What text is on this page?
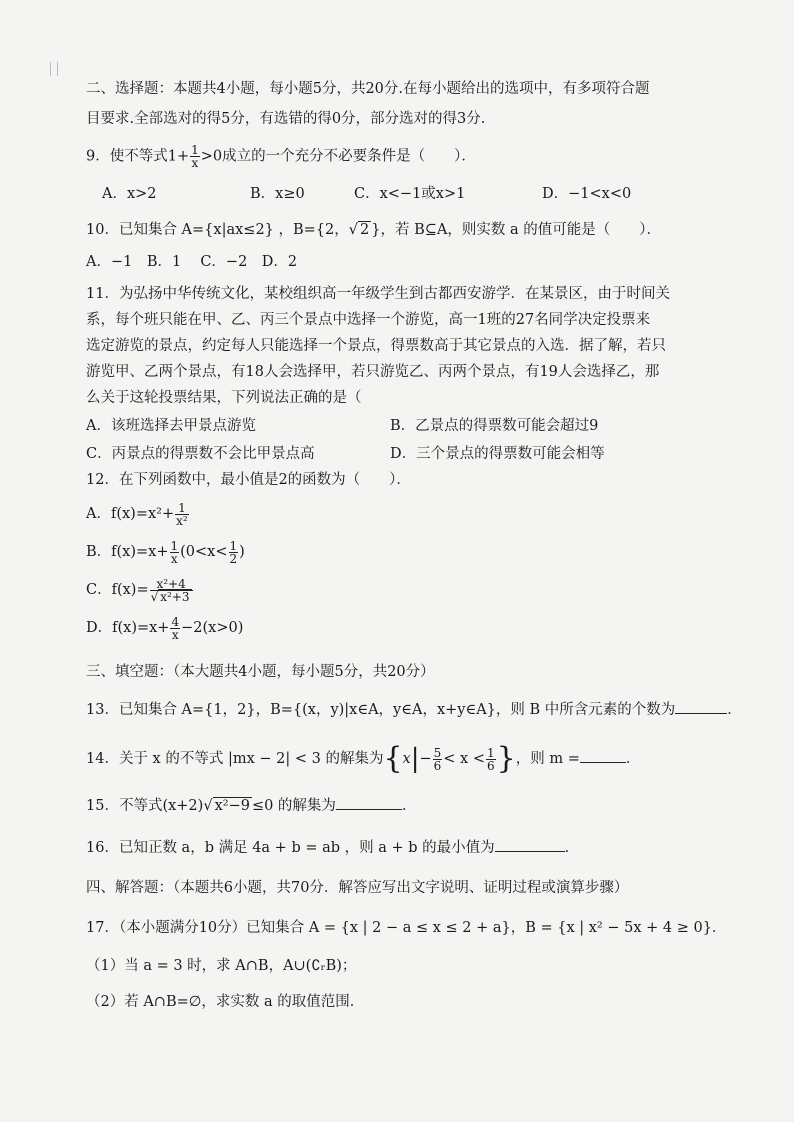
二、选择题：本题共4小题，每小题5分，共20分.在每小题给出的选项中，有多项符合题

目要求.全部选对的得5分，有选错的得0分，部分选对的得3分.

9．使不等式$1+ \frac{1}{x} >0$成立的一个充分不必要条件是（　　）．

A．x>2	B．x≥0	C．x<−1或x>1	D．−1<x<0

10．已知集合 A={x|ax≤2} ，B={2，√ 2 }，若 B⊆A，则实数 a 的值可能是（　　）．

A．−1　B．1　 C．−2　D．2

11．为弘扬中华传统文化，某校组织高一年级学生到古都西安游学．在某景区，由于时间关

系，每个班只能在甲、乙、丙三个景点中选择一个游览，高一1班的27名同学决定投票来

选定游览的景点，约定每人只能选择一个景点，得票数高于其它景点的入选．据了解，若只

游览甲、乙两个景点，有18人会选择甲，若只游览乙、丙两个景点，有19人会选择乙，那

么关于这轮投票结果，下列说法正确的是（

A．该班选择去甲景点游览	B．乙景点的得票数可能会超过9
C．丙景点的得票数不会比甲景点高	D．三个景点的得票数可能会相等

12．在下列函数中，最小值是2的函数为（　　）．

A．$f(x)=x^2+ \frac{1}{\text{x²}}$

B．$f(x)=x+ \frac{1}{x} (0<x< \frac{1}{2}$ )

C．$f(x)= \frac{\text{x²+4}}{\text{√ x²+3}}$

D．$f(x)=x+ \frac{4}{x} -2(x>0)$

三、填空题：（本大题共4小题，每小题5分，共20分）

13．已知集合 A={1，2}，B={(x，y)|x∈A，y∈A，x+y∈A}，则 B 中所含元素的个数为	．

14．关于 x 的不等式 |mx − 2| < 3 的解集为{$x|- \frac{5}{6} < x < \frac{1}{6}$ }，则 m =	．

15．不等式(x+2)√ x²−9 ≤0 的解集为	．

16．已知正数 a，b 满足 4a + b = ab ，则 a + b 的最小值为	．

四、解答题：（本题共6小题，共70分．解答应写出文字说明、证明过程或演算步骤）

17．（本小题满分10分）已知集合 A = {x | 2 − a ≤ x ≤ 2 + a}，B = {x | x² − 5x + 4 ≥ 0}．

（1）当 a = 3 时，求 A∩B，A∪(∁ᵣB)；

（2）若 A∩B=∅，求实数 a 的取值范围．
